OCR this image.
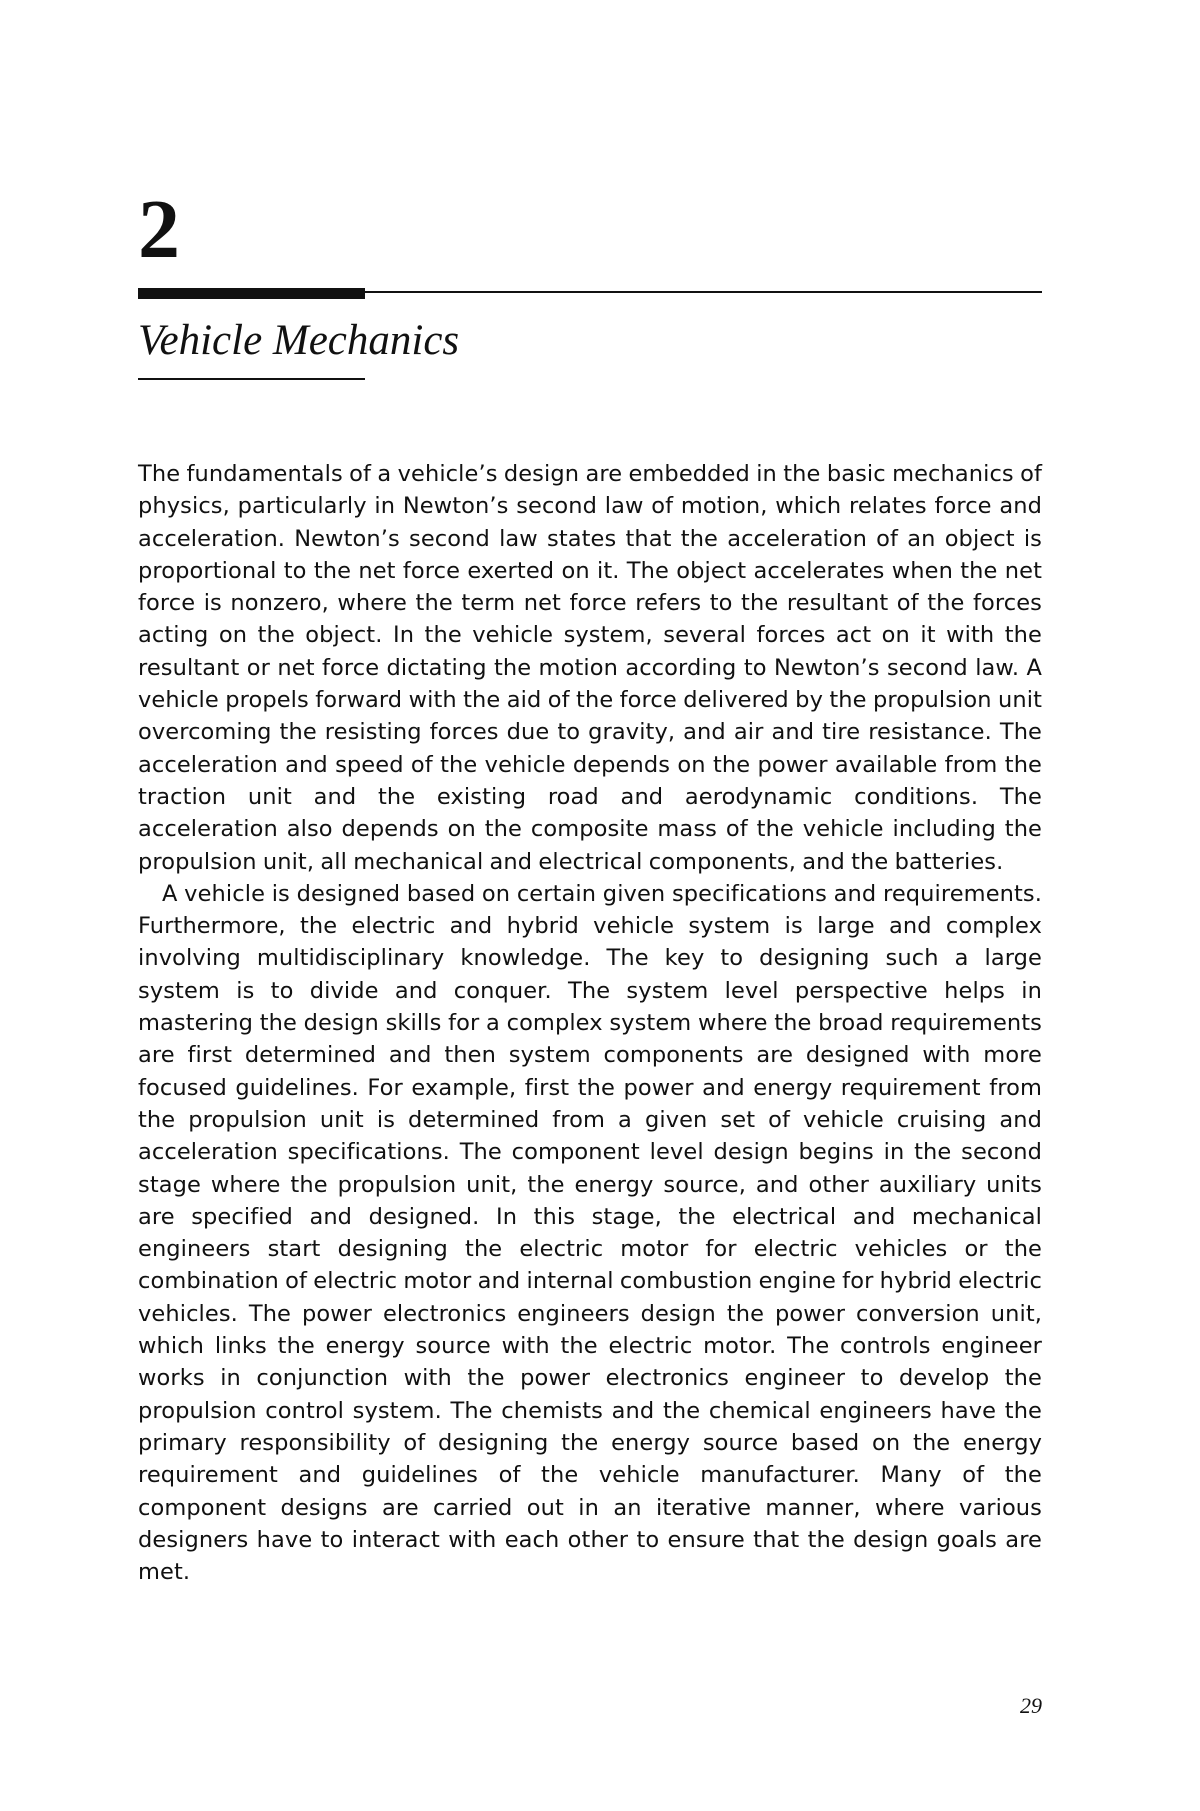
2
Vehicle Mechanics

The fundamentals of a vehicle’s design are embedded in the basic mechanics of physics, particularly in Newton’s second law of motion, which relates force and acceleration. Newton’s second law states that the acceleration of an object is proportional to the net force exerted on it. The object accelerates when the net force is nonzero, where the term net force refers to the resultant of the forces acting on the object. In the vehicle system, several forces act on it with the resultant or net force dictating the motion according to Newton’s second law. A vehicle propels forward with the aid of the force delivered by the propulsion unit overcoming the resisting forces due to gravity, and air and tire resistance. The acceleration and speed of the vehicle depends on the power available from the traction unit and the existing road and aerodynamic conditions. The acceleration also depends on the composite mass of the vehicle including the propulsion unit, all mechanical and electrical components, and the batteries.

A vehicle is designed based on certain given specifications and requirements. Furthermore, the electric and hybrid vehicle system is large and complex involving multidisciplinary knowledge. The key to designing such a large system is to divide and conquer. The system level perspective helps in mastering the design skills for a complex system where the broad requirements are first determined and then system components are designed with more focused guidelines. For example, first the power and energy requirement from the propulsion unit is determined from a given set of vehicle cruising and acceleration specifications. The component level design begins in the second stage where the propulsion unit, the energy source, and other auxiliary units are specified and designed. In this stage, the electrical and mechanical engineers start designing the electric motor for electric vehicles or the combination of electric motor and internal combustion engine for hybrid electric vehicles. The power electronics engineers design the power conversion unit, which links the energy source with the electric motor. The controls engineer works in conjunction with the power electronics engineer to develop the propulsion control system. The chemists and the chemical engineers have the primary responsibility of designing the energy source based on the energy requirement and guidelines of the vehicle manufacturer. Many of the component designs are carried out in an iterative manner, where various designers have to interact with each other to ensure that the design goals are met.

29
